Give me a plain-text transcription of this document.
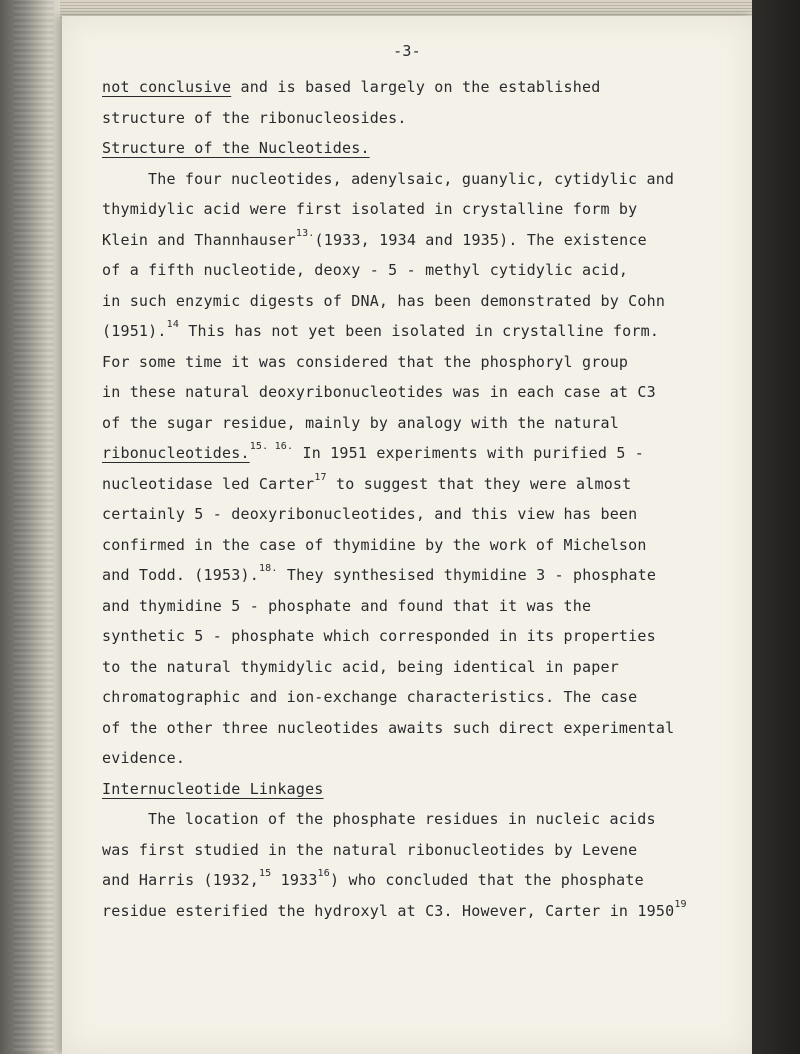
-3-
not conclusive and is based largely on the established
structure of the ribonucleosides.
Structure of the Nucleotides.
The four nucleotides, adenylsaic, guanylic, cytidylic and
thymidylic acid were first isolated in crystalline form by
Klein and Thannhauser$^{13.}$(1933, 1934 and 1935). The existence
of a fifth nucleotide, deoxy - 5 - methyl cytidylic acid,
in such enzymic digests of DNA, has been demonstrated by Cohn
(1951).$^{14}$ This has not yet been isolated in crystalline form.
For some time it was considered that the phosphoryl group
in these natural deoxyribonucleotides was in each case at C3
of the sugar residue, mainly by analogy with the natural
ribonucleotides.$^{15. 16.}$ In 1951 experiments with purified 5 -
nucleotidase led Carter$^{17}$ to suggest that they were almost
certainly 5 - deoxyribonucleotides, and this view has been
confirmed in the case of thymidine by the work of Michelson
and Todd. (1953).$^{18.}$ They synthesised thymidine 3 - phosphate
and thymidine 5 - phosphate and found that it was the
synthetic 5 - phosphate which corresponded in its properties
to the natural thymidylic acid, being identical in paper
chromatographic and ion-exchange characteristics. The case
of the other three nucleotides awaits such direct experimental
evidence.
Internucleotide Linkages
The location of the phosphate residues in nucleic acids
was first studied in the natural ribonucleotides by Levene
and Harris (1932,15 1933$^{16}$) who concluded that the phosphate
residue esterified the hydroxyl at C3. However, Carter in 1950$^{19}$
